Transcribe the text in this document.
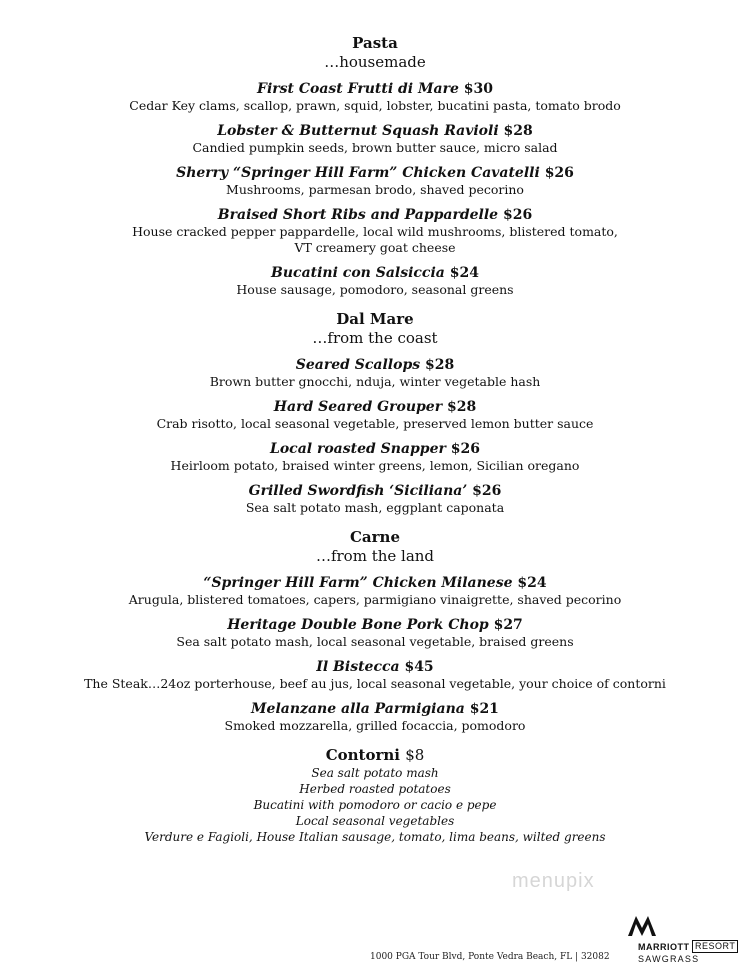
Pasta
…housemade
First Coast Frutti di Mare $30
Cedar Key clams, scallop, prawn, squid, lobster, bucatini pasta, tomato brodo
Lobster & Butternut Squash Ravioli $28
Candied pumpkin seeds, brown butter sauce, micro salad
Sherry “Springer Hill Farm” Chicken Cavatelli $26
Mushrooms, parmesan brodo, shaved pecorino
Braised Short Ribs and Pappardelle $26
House cracked pepper pappardelle, local wild mushrooms, blistered tomato,
VT creamery goat cheese
Bucatini con Salsiccia $24
House sausage, pomodoro, seasonal greens
Dal Mare
…from the coast
Seared Scallops $28
Brown butter gnocchi, nduja, winter vegetable hash
Hard Seared Grouper $28
Crab risotto, local seasonal vegetable, preserved lemon butter sauce
Local roasted Snapper $26
Heirloom potato, braised winter greens, lemon, Sicilian oregano
Grilled Swordfish ‘Siciliana’ $26
Sea salt potato mash, eggplant caponata
Carne
…from the land
“Springer Hill Farm” Chicken Milanese $24
Arugula, blistered tomatoes, capers, parmigiano vinaigrette, shaved pecorino
Heritage Double Bone Pork Chop $27
Sea salt potato mash, local seasonal vegetable, braised greens
Il Bistecca $45
The Steak…24oz porterhouse, beef au jus, local seasonal vegetable, your choice of contorni
Melanzane alla Parmigiana $21
Smoked mozzarella, grilled focaccia, pomodoro
Contorni $8
Sea salt potato mash
Herbed roasted potatoes
Bucatini with pomodoro or cacio e pepe
Local seasonal vegetables
Verdure e Fagioli, House Italian sausage, tomato, lima beans, wilted greens
menupix
1000 PGA Tour Blvd, Ponte Vedra Beach, FL | 32082
MARRIOTT RESORT
SAWGRASS
